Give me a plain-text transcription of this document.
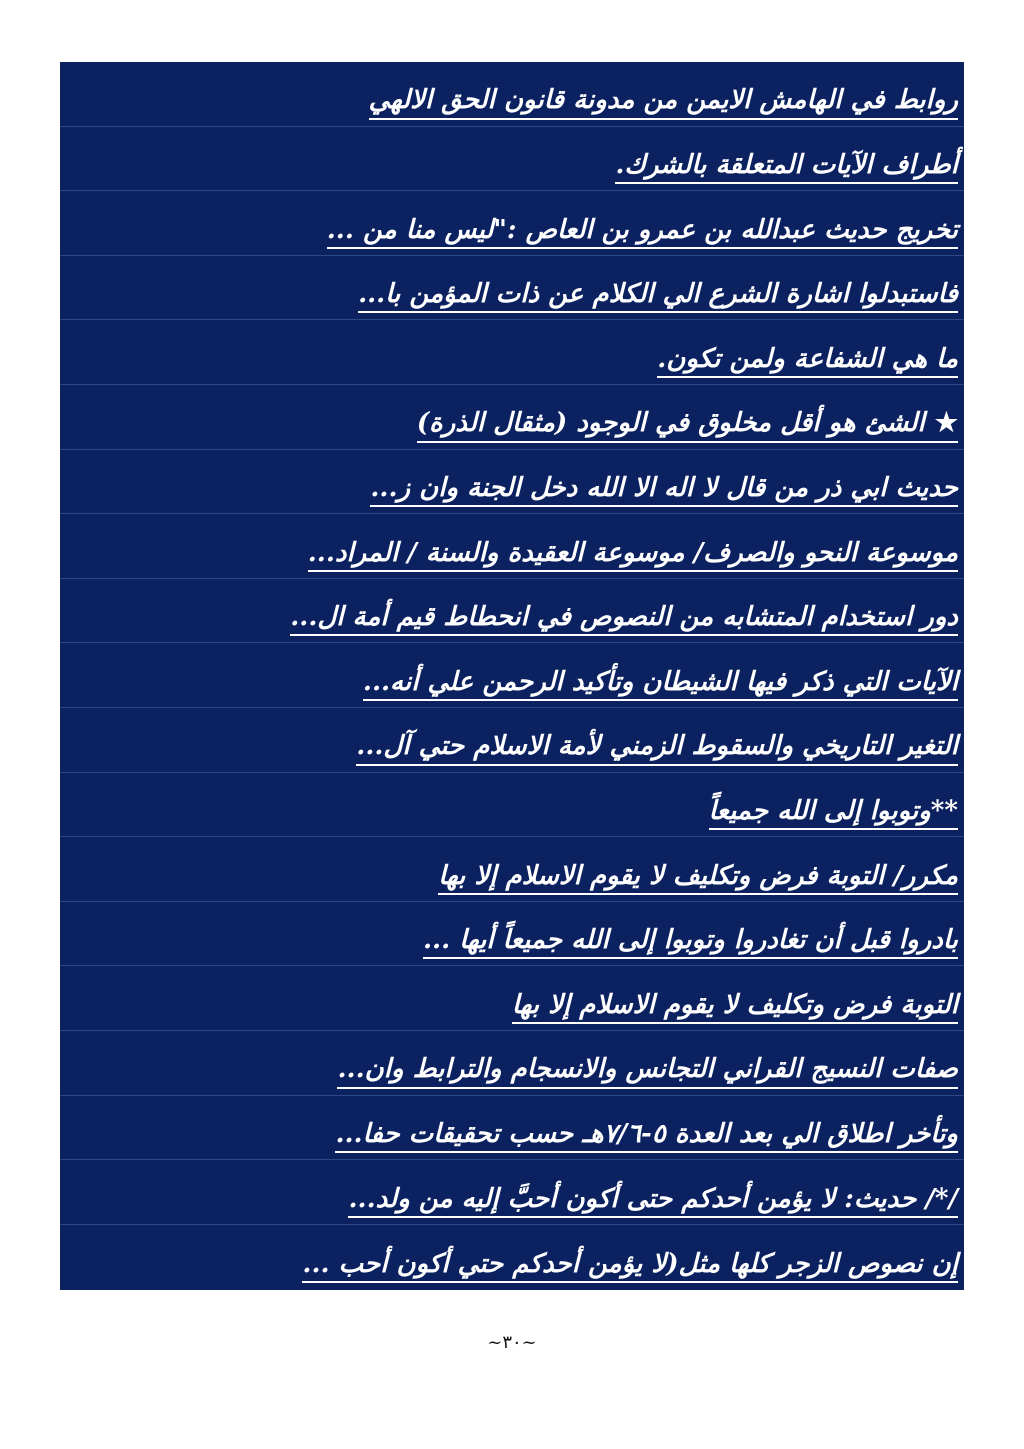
روابط في الهامش الايمن من مدونة قانون الحق الالهي
أطراف الآيات المتعلقة بالشرك.
تخريج حديث عبدالله بن عمرو بن العاص :"ليس منا من ...
فاستبدلوا اشارة الشرع الي الكلام عن ذات المؤمن با...
ما هي الشفاعة ولمن تكون.
★الشئ هو أقل مخلوق في الوجود (مثقال الذرة)
حديث ابي ذر من قال لا اله الا الله دخل الجنة وان ز...
موسوعة النحو والصرف/ موسوعة العقيدة والسنة / المراد...
دور استخدام المتشابه من النصوص في انحطاط قيم أمة ال...
الآيات التي ذكر فيها الشيطان وتأكيد الرحمن علي أنه...
التغير التاريخي والسقوط الزمني لأمة الاسلام حتي آل...
**وتوبوا إلى الله جميعاً
مكرر/ التوبة فرض وتكليف لا يقوم الاسلام إلا بها
بادروا قبل أن تغادروا وتوبوا إلى الله جميعاً أيها ...
التوبة فرض وتكليف لا يقوم الاسلام إلا بها
صفات النسيج القراني التجانس والانسجام والترابط وان...
وتأخر اطلاق الي بعد العدة ٥-٧/٦هـ حسب تحقيقات حفا...
/*/ حديث: لا يؤمن أحدكم حتى أكون أحبَّ إليه من ولد...
إن نصوص الزجر كلها مثل(لا يؤمن أحدكم حتي أكون أحب ...
~٣٠~
